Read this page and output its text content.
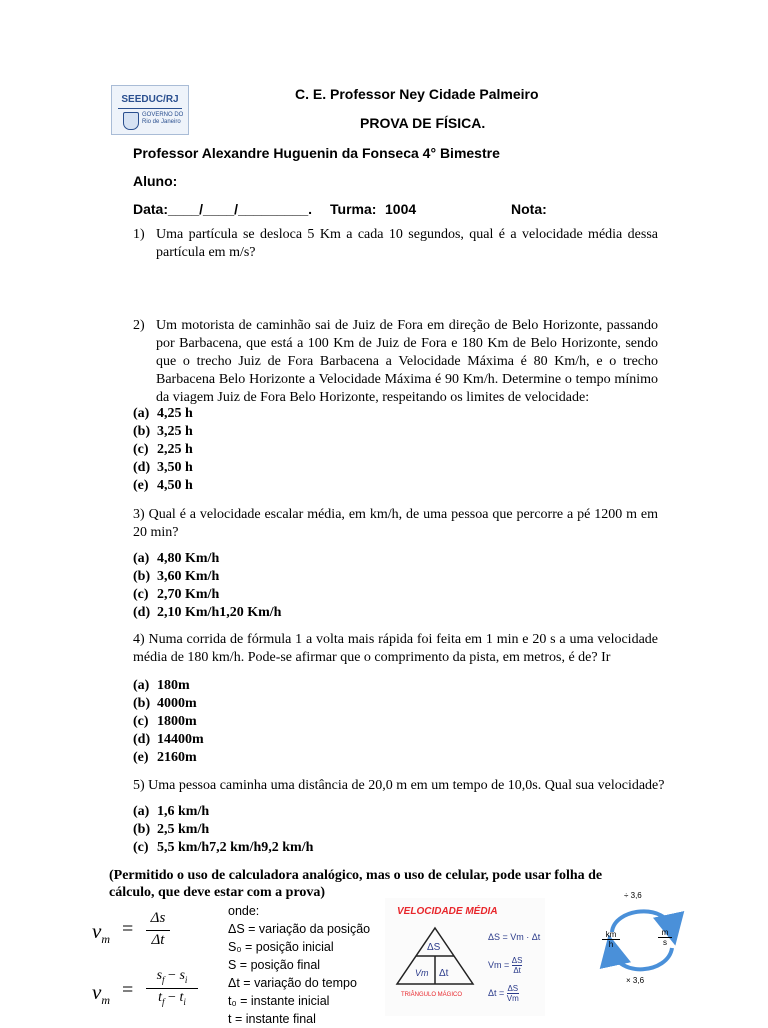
SEEDUC/RJ
GOVERNO DO Rio de Janeiro
C. E. Professor Ney Cidade Palmeiro
PROVA DE FÍSICA.
Professor Alexandre Huguenin da Fonseca 4° Bimestre
Aluno:
Data:____/____/_________. Turma: 1004	Nota:
1) Uma partícula se desloca 5 Km a cada 10 segundos, qual é a velocidade média dessa partícula em m/s?
2) Um motorista de caminhão sai de Juiz de Fora em direção de Belo Horizonte, passando por Barbacena, que está a 100 Km de Juiz de Fora e 180 Km de Belo Horizonte, sendo que o trecho Juiz de Fora Barbacena a Velocidade Máxima é 80 Km/h, e o trecho Barbacena Belo Horizonte a Velocidade Máxima é 90 Km/h. Determine o tempo mínimo da viagem Juiz de Fora Belo Horizonte, respeitando os limites de velocidade:
(a) 4,25 h
(b) 3,25 h
(c) 2,25 h
(d) 3,50 h
(e) 4,50 h
3) Qual é a velocidade escalar média, em km/h, de uma pessoa que percorre a pé 1200 m em 20 min?
(a) 4,80 Km/h
(b) 3,60 Km/h
(c) 2,70 Km/h
(d) 2,10 Km/h1,20 Km/h
4) Numa corrida de fórmula 1 a volta mais rápida foi feita em 1 min e 20 s a uma velocidade média de 180 km/h. Pode-se afirmar que o comprimento da pista, em metros, é de? Ir
(a) 180m
(b) 4000m
(c) 1800m
(d) 14400m
(e) 2160m
5) Uma pessoa caminha uma distância de 20,0 m em um tempo de 10,0s. Qual sua velocidade?
(a) 1,6 km/h
(b) 2,5 km/h
(c) 5,5 km/h7,2 km/h9,2 km/h
(Permitido o uso de calculadora analógico, mas o uso de celular, pode usar folha de cálculo, que deve estar com a prova)
$v_m$ =	Δs
Δt
$v_m$ =
$s_f - s_i$
$t_f - t_i$
onde:
ΔS = variação da posição
S₀ = posição inicial
S = posição final
Δt = variação do tempo
t₀ = instante inicial
t = instante final
VELOCIDADE MÉDIA
ΔS
Vm Δt
TRIÂNGULO MÁGICO
ΔS = Vm · Δt
$Vm = \frac{\Delta S}{\Delta t}$
$\Delta t = \frac{\Delta S}{Vm}$
÷ 3,6
× 3,6
km
h
m
s
